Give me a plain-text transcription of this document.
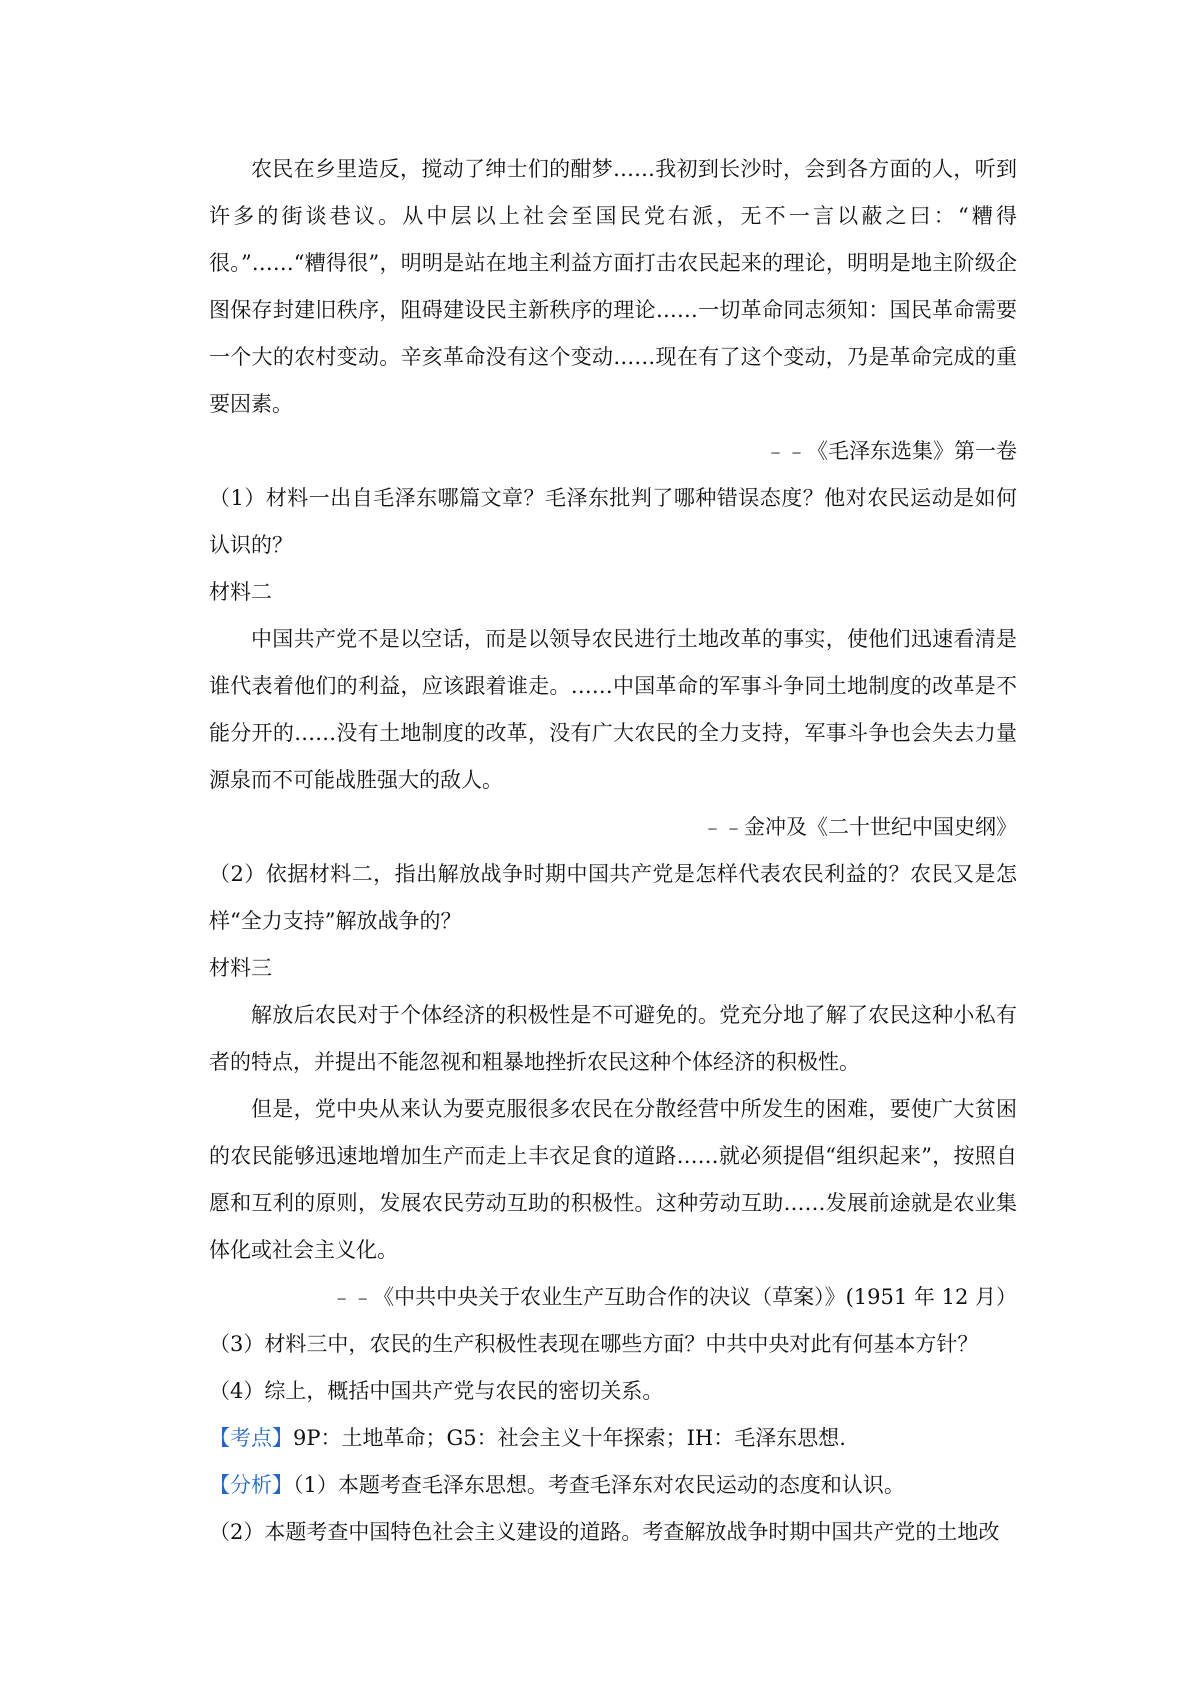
农民在乡里造反，搅动了绅士们的酣梦……我初到长沙时，会到各方面的人，听到许多的街谈巷议。从中层以上社会至国民党右派，无不一言以蔽之曰：“糟得很。”……“糟得很”，明明是站在地主利益方面打击农民起来的理论，明明是地主阶级企图保存封建旧秩序，阻碍建设民主新秩序的理论……一切革命同志须知：国民革命需要一个大的农村变动。辛亥革命没有这个变动……现在有了这个变动，乃是革命完成的重要因素。

﹣﹣《毛泽东选集》第一卷

（1）材料一出自毛泽东哪篇文章？毛泽东批判了哪种错误态度？他对农民运动是如何认识的？

材料二

中国共产党不是以空话，而是以领导农民进行土地改革的事实，使他们迅速看清是谁代表着他们的利益，应该跟着谁走。……中国革命的军事斗争同土地制度的改革是不能分开的……没有土地制度的改革，没有广大农民的全力支持，军事斗争也会失去力量源泉而不可能战胜强大的敌人。

﹣﹣金冲及《二十世纪中国史纲》

（2）依据材料二，指出解放战争时期中国共产党是怎样代表农民利益的？农民又是怎样“全力支持”解放战争的？

材料三

解放后农民对于个体经济的积极性是不可避免的。党充分地了解了农民这种小私有者的特点，并提出不能忽视和粗暴地挫折农民这种个体经济的积极性。

但是，党中央从来认为要克服很多农民在分散经营中所发生的困难，要使广大贫困的农民能够迅速地增加生产而走上丰衣足食的道路……就必须提倡“组织起来”，按照自愿和互利的原则，发展农民劳动互助的积极性。这种劳动互助……发展前途就是农业集体化或社会主义化。

﹣﹣《中共中央关于农业生产互助合作的决议（草案）》(1951 年 12 月）

（3）材料三中，农民的生产积极性表现在哪些方面？中共中央对此有何基本方针？

（4）综上，概括中国共产党与农民的密切关系。

【考点】9P：土地革命；G5：社会主义十年探索；IH：毛泽东思想.

【分析】（1）本题考查毛泽东思想。考查毛泽东对农民运动的态度和认识。

（2）本题考查中国特色社会主义建设的道路。考查解放战争时期中国共产党的土地改
